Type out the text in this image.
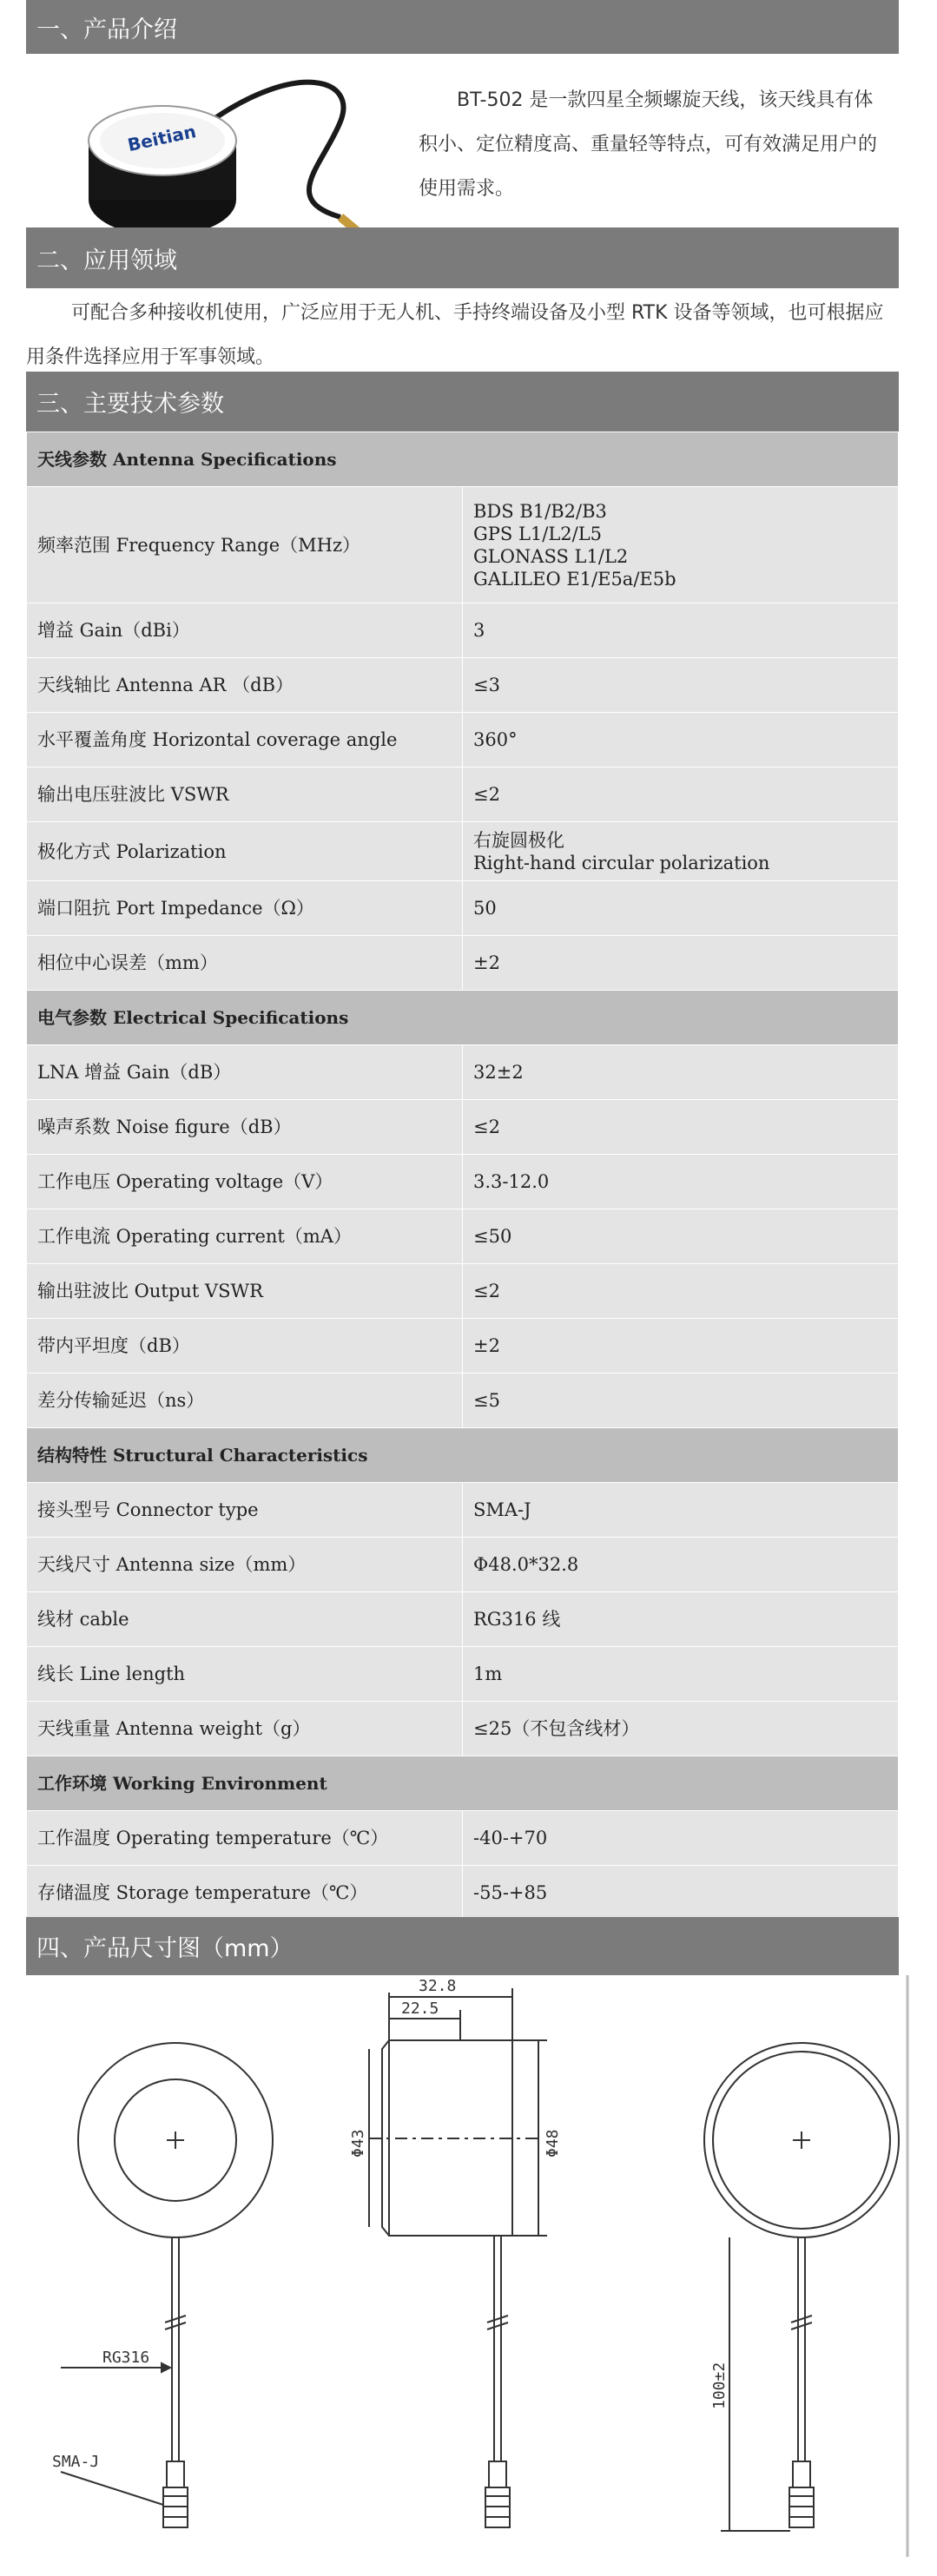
一、产品介绍
Beitian
BT-502 是一款四星全频螺旋天线，该天线具有体积小、定位精度高、重量轻等特点，可有效满足用户的使用需求。
二、应用领域
可配合多种接收机使用，广泛应用于无人机、手持终端设备及小型 RTK 设备等领域，也可根据应用条件选择应用于军事领域。
三、主要技术参数
天线参数 Antenna Specifications	
频率范围 Frequency Range（MHz）	BDS B1/B2/B3
GPS L1/L2/L5
GLONASS L1/L2
GALILEO E1/E5a/E5b

增益 Gain（dBi）	3
天线轴比 Antenna AR （dB）	≤3
水平覆盖角度 Horizontal coverage angle	360°
输出电压驻波比 VSWR	≤2
极化方式 Polarization	右旋圆极化
Right-hand circular polarization

端口阻抗 Port Impedance（Ω）	50
相位中心误差（mm）	±2
电气参数 Electrical Specifications	
LNA 增益 Gain（dB）	32±2
噪声系数 Noise figure（dB）	≤2
工作电压 Operating voltage（V）	3.3-12.0
工作电流 Operating current（mA）	≤50
输出驻波比 Output VSWR	≤2
带内平坦度（dB）	±2
差分传输延迟（ns）	≤5
结构特性 Structural Characteristics	
接头型号 Connector type	SMA-J
天线尺寸 Antenna size（mm）	Φ48.0*32.8
线材 cable	RG316 线
线长 Line length	1m
天线重量 Antenna weight（g）	≤25（不包含线材）
工作环境 Working Environment	
工作温度 Operating temperature（℃）	-40-+70
存储温度 Storage temperature（℃）	-55-+85
四、产品尺寸图（mm）
RG316
SMA-J
32.8
22.5
Φ43	Φ48
100±2
